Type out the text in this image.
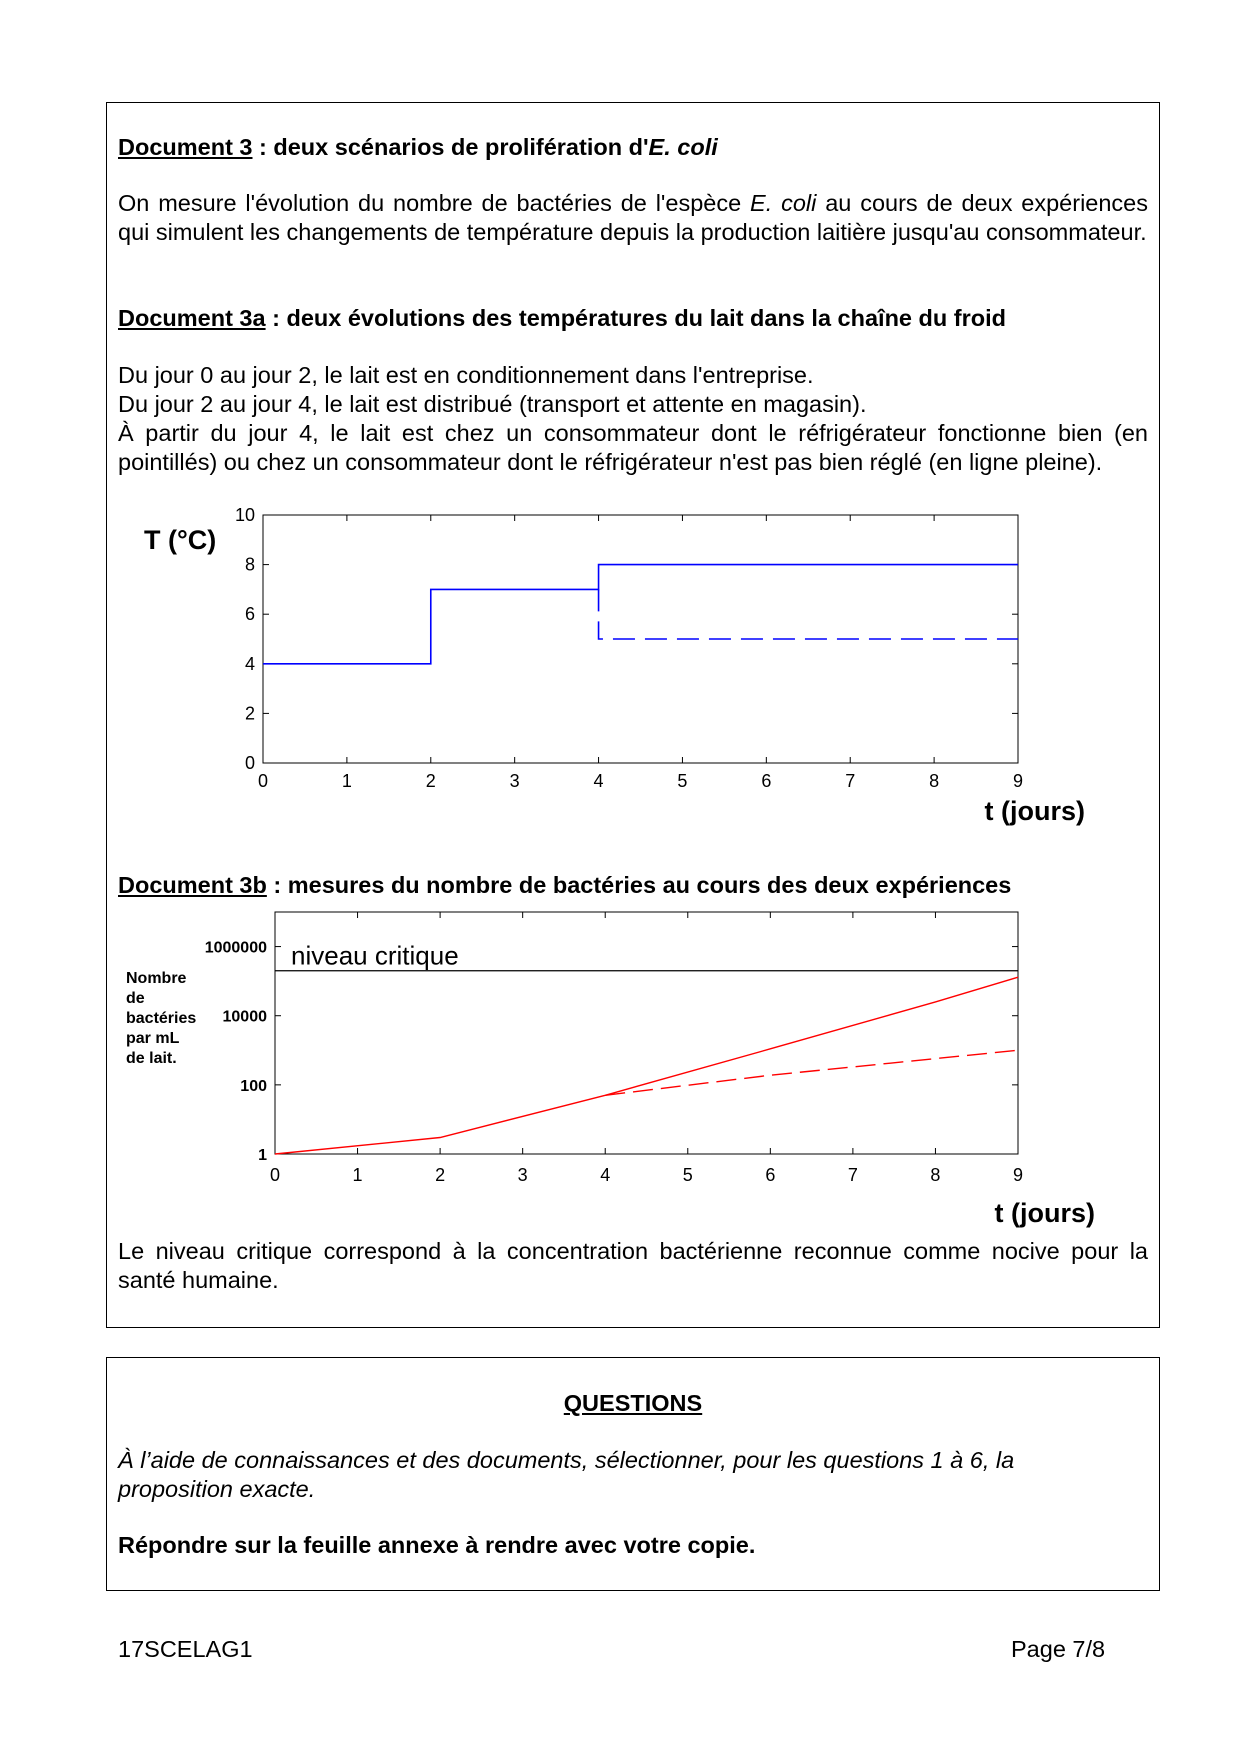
Document 3 : deux scénarios de prolifération d'E. coli

On mesure l'évolution du nombre de bactéries de l'espèce E. coli au cours de deux expériences qui simulent les changements de température depuis la production laitière jusqu'au consommateur.

Document 3a : deux évolutions des températures du lait dans la chaîne du froid

Du jour 0 au jour 2, le lait est en conditionnement dans l'entreprise.

Du jour 2 au jour 4, le lait est distribué (transport et attente en magasin).

À partir du jour 4, le lait est chez un consommateur dont le réfrigérateur fonctionne bien (en pointillés) ou chez un consommateur dont le réfrigérateur n'est pas bien réglé (en ligne pleine).

0	1	2	3	4	5	6	7	8	9
0
2
4
6
8
10
T (°C)
t (jours)

Document 3b : mesures du nombre de bactéries au cours des deux expériences

0	1	2	3	4	5	6	7	8	9
1
100
10000
1000000 niveau critique
Nombre
de
bactéries
par mL
de lait.
t (jours)

Le niveau critique correspond à la concentration bactérienne reconnue comme nocive pour la santé humaine.

QUESTIONS

À l’aide de connaissances et des documents, sélectionner, pour les questions 1 à 6, la proposition exacte.

Répondre sur la feuille annexe à rendre avec votre copie.

17SCELAG1	Page 7/8
